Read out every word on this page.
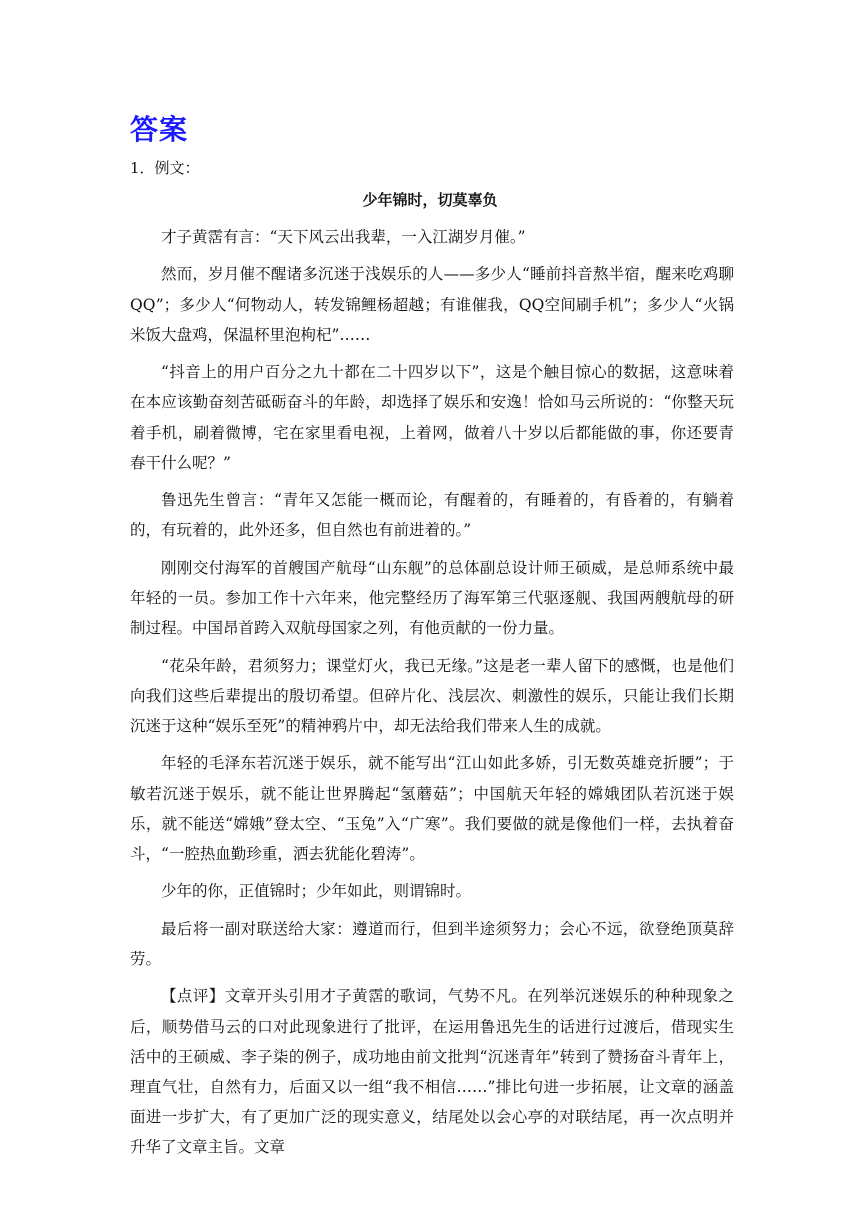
答案
1．例文：
少年锦时，切莫辜负

才子黄霑有言：“天下风云出我辈，一入江湖岁月催。”

然而，岁月催不醒诸多沉迷于浅娱乐的人——多少人“睡前抖音熬半宿，醒来吃鸡聊QQ”；多少人“何物动人，转发锦鲤杨超越；有谁催我，QQ空间刷手机”；多少人“火锅米饭大盘鸡，保温杯里泡枸杞”……

“抖音上的用户百分之九十都在二十四岁以下”，这是个触目惊心的数据，这意味着在本应该勤奋刻苦砥砺奋斗的年龄，却选择了娱乐和安逸！恰如马云所说的：“你整天玩着手机，刷着微博，宅在家里看电视，上着网，做着八十岁以后都能做的事，你还要青春干什么呢？”

鲁迅先生曾言：“青年又怎能一概而论，有醒着的，有睡着的，有昏着的，有躺着的，有玩着的，此外还多，但自然也有前进着的。”

刚刚交付海军的首艘国产航母“山东舰”的总体副总设计师王硕威，是总师系统中最年轻的一员。参加工作十六年来，他完整经历了海军第三代驱逐舰、我国两艘航母的研制过程。中国昂首跨入双航母国家之列，有他贡献的一份力量。

“花朵年龄，君须努力；课堂灯火，我已无缘。”这是老一辈人留下的感慨，也是他们向我们这些后辈提出的殷切希望。但碎片化、浅层次、刺激性的娱乐，只能让我们长期沉迷于这种“娱乐至死”的精神鸦片中，却无法给我们带来人生的成就。

年轻的毛泽东若沉迷于娱乐，就不能写出“江山如此多娇，引无数英雄竞折腰”；于敏若沉迷于娱乐，就不能让世界腾起“氢蘑菇”；中国航天年轻的嫦娥团队若沉迷于娱乐，就不能送“嫦娥”登太空、“玉兔”入“广寒”。我们要做的就是像他们一样，去执着奋斗，“一腔热血勤珍重，洒去犹能化碧涛”。

少年的你，正值锦时；少年如此，则谓锦时。

最后将一副对联送给大家：遵道而行，但到半途须努力；会心不远，欲登绝顶莫辞劳。

【点评】文章开头引用才子黄霑的歌词，气势不凡。在列举沉迷娱乐的种种现象之后，顺势借马云的口对此现象进行了批评，在运用鲁迅先生的话进行过渡后，借现实生活中的王硕威、李子柒的例子，成功地由前文批判“沉迷青年”转到了赞扬奋斗青年上，理直气壮，自然有力，后面又以一组“我不相信……”排比句进一步拓展，让文章的涵盖面进一步扩大，有了更加广泛的现实意义，结尾处以会心亭的对联结尾，再一次点明并升华了文章主旨。文章
